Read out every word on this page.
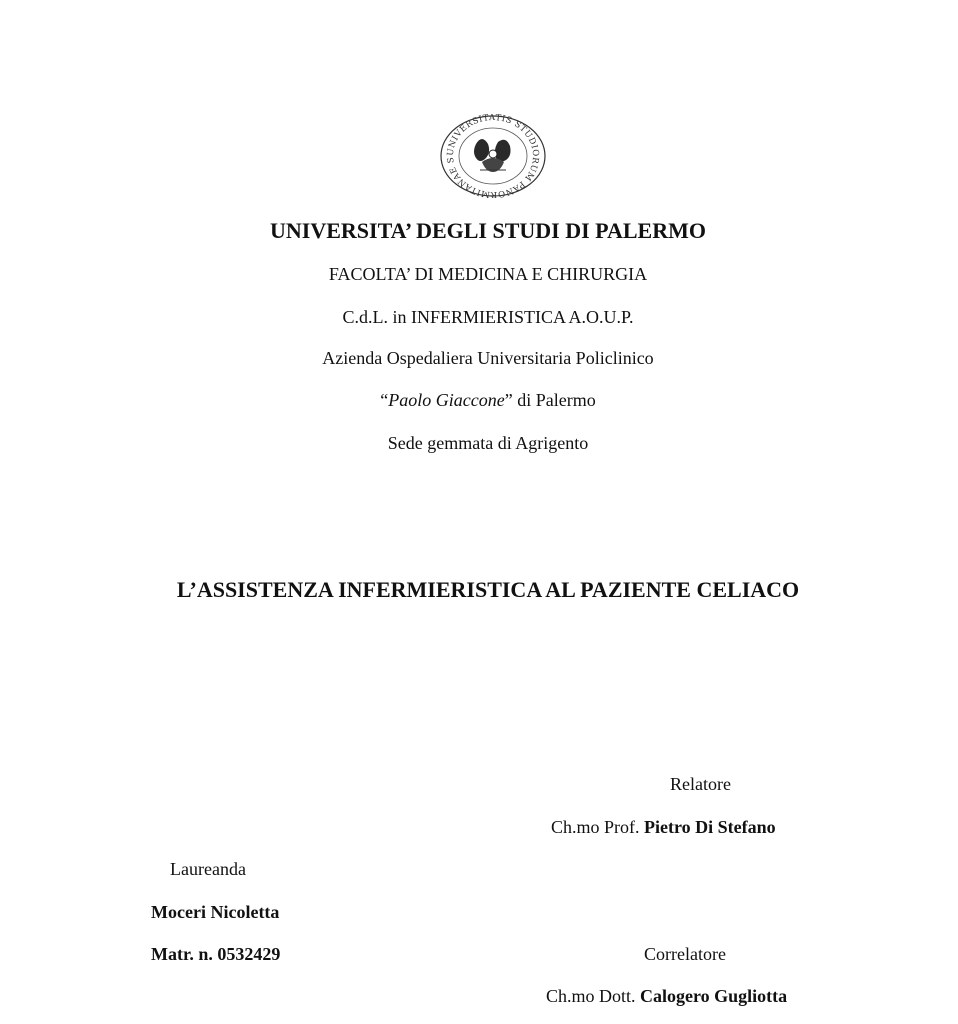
UNIVERSITATIS STUDIORUM PANORMITANAE S
UNIVERSITA’ DEGLI STUDI DI PALERMO
FACOLTA’ DI MEDICINA E CHIRURGIA
C.d.L. in INFERMIERISTICA A.O.U.P.
Azienda Ospedaliera Universitaria Policlinico
“Paolo Giaccone” di Palermo
Sede gemmata di Agrigento
L’ASSISTENZA INFERMIERISTICA AL PAZIENTE CELIACO
Relatore
Ch.mo Prof. Pietro Di Stefano
Laureanda
Moceri Nicoletta
Matr. n. 0532429	Correlatore
Ch.mo Dott. Calogero Gugliotta
